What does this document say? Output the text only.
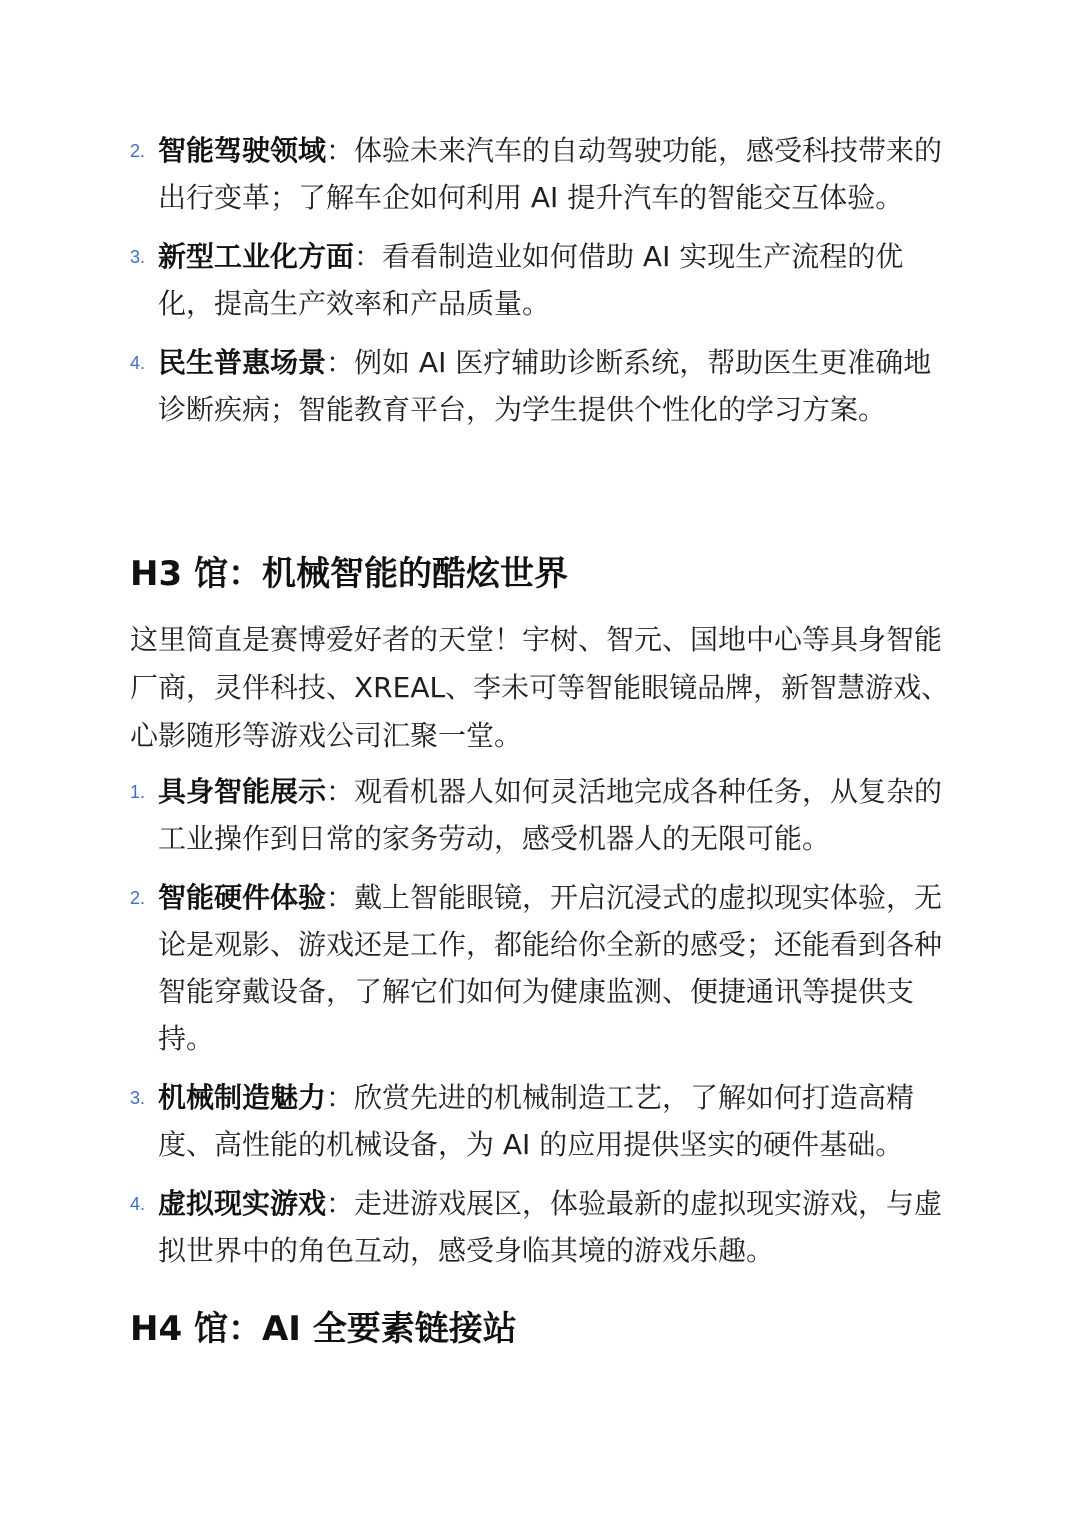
2. 智能驾驶领域：体验未来汽车的自动驾驶功能，感受科技带来的出行变革；了解车企如何利用 AI 提升汽车的智能交互体验。
3. 新型工业化方面：看看制造业如何借助 AI 实现生产流程的优化，提高生产效率和产品质量。
4. 民生普惠场景：例如 AI 医疗辅助诊断系统，帮助医生更准确地诊断疾病；智能教育平台，为学生提供个性化的学习方案。
H3 馆：机械智能的酷炫世界

这里简直是赛博爱好者的天堂！宇树、智元、国地中心等具身智能厂商，灵伴科技、XREAL、李未可等智能眼镜品牌，新智慧游戏、心影随形等游戏公司汇聚一堂。

1. 具身智能展示：观看机器人如何灵活地完成各种任务，从复杂的工业操作到日常的家务劳动，感受机器人的无限可能。
2. 智能硬件体验：戴上智能眼镜，开启沉浸式的虚拟现实体验，无论是观影、游戏还是工作，都能给你全新的感受；还能看到各种智能穿戴设备，了解它们如何为健康监测、便捷通讯等提供支持。
3. 机械制造魅力：欣赏先进的机械制造工艺，了解如何打造高精度、高性能的机械设备，为 AI 的应用提供坚实的硬件基础。
4. 虚拟现实游戏：走进游戏展区，体验最新的虚拟现实游戏，与虚拟世界中的角色互动，感受身临其境的游戏乐趣。
H4 馆：AI 全要素链接站
